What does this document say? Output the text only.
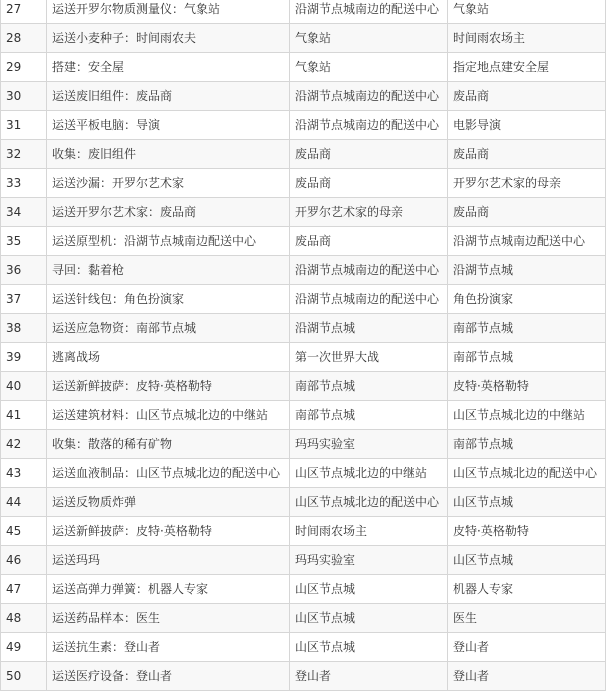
27	运送开罗尔物质测量仪：气象站	沿湖节点城南边的配送中心	气象站
28	运送小麦种子：时间雨农夫	气象站	时间雨农场主
29	搭建：安全屋	气象站	指定地点建安全屋
30	运送废旧组件：废品商	沿湖节点城南边的配送中心	废品商
31	运送平板电脑：导演	沿湖节点城南边的配送中心	电影导演
32	收集：废旧组件	废品商	废品商
33	运送沙漏：开罗尔艺术家	废品商	开罗尔艺术家的母亲
34	运送开罗尔艺术家：废品商	开罗尔艺术家的母亲	废品商
35	运送原型机：沿湖节点城南边配送中心	废品商	沿湖节点城南边配送中心
36	寻回：黏着枪	沿湖节点城南边的配送中心	沿湖节点城
37	运送针线包：角色扮演家	沿湖节点城南边的配送中心	角色扮演家
38	运送应急物资：南部节点城	沿湖节点城	南部节点城
39	逃离战场	第一次世界大战	南部节点城
40	运送新鲜披萨：皮特·英格勒特	南部节点城	皮特·英格勒特
41	运送建筑材料：山区节点城北边的中继站	南部节点城	山区节点城北边的中继站
42	收集：散落的稀有矿物	玛玛实验室	南部节点城
43	运送血液制品：山区节点城北边的配送中心	山区节点城北边的中继站	山区节点城北边的配送中心
44	运送反物质炸弹	山区节点城北边的配送中心	山区节点城
45	运送新鲜披萨：皮特·英格勒特	时间雨农场主	皮特·英格勒特
46	运送玛玛	玛玛实验室	山区节点城
47	运送高弹力弹簧：机器人专家	山区节点城	机器人专家
48	运送药品样本：医生	山区节点城	医生
49	运送抗生素：登山者	山区节点城	登山者
50	运送医疗设备：登山者	登山者	登山者
